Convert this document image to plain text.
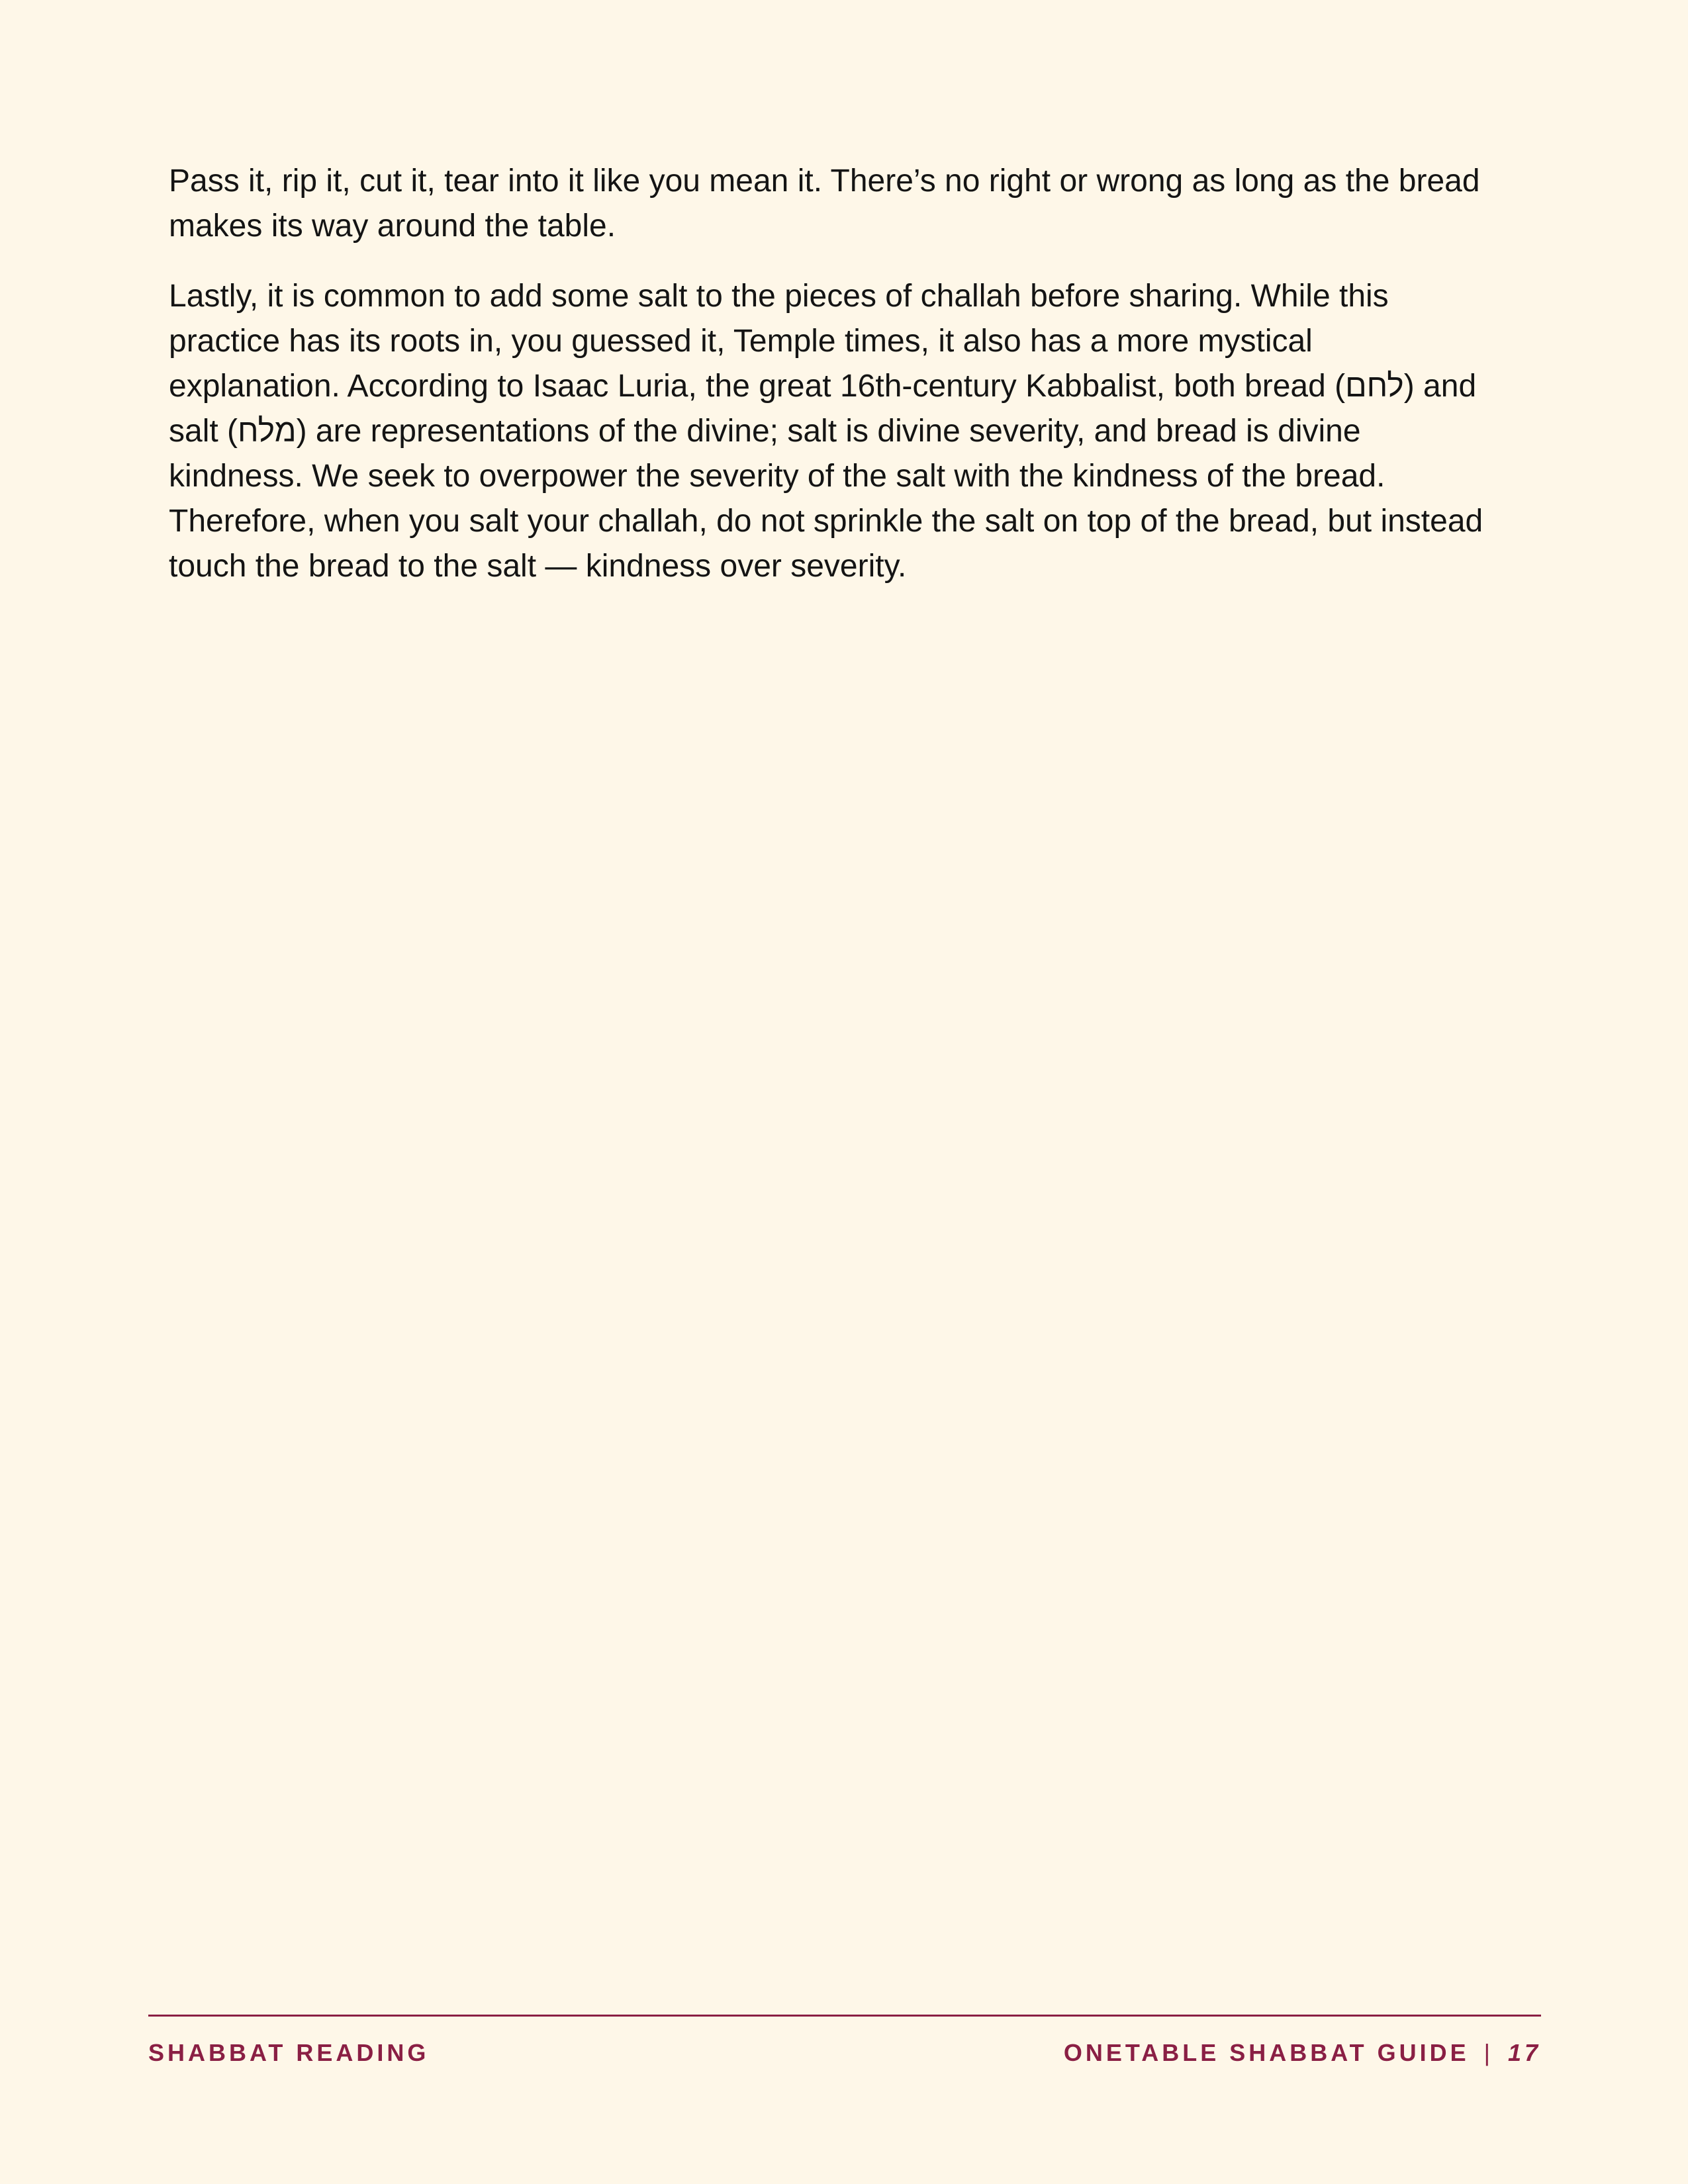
Pass it, rip it, cut it, tear into it like you mean it. There’s no right or wrong as long as the bread makes its way around the table.

Lastly, it is common to add some salt to the pieces of challah before sharing. While this practice has its roots in, you guessed it, Temple times, it also has a more mystical explanation. According to Isaac Luria, the great 16th-century Kabbalist, both bread (לחם) and salt (מלח) are representations of the divine; salt is divine severity, and bread is divine kindness. We seek to overpower the severity of the salt with the kindness of the bread. Therefore, when you salt your challah, do not sprinkle the salt on top of the bread, but instead touch the bread to the salt — kindness over severity.

SHABBAT READING	ONETABLE SHABBAT GUIDE | 17
